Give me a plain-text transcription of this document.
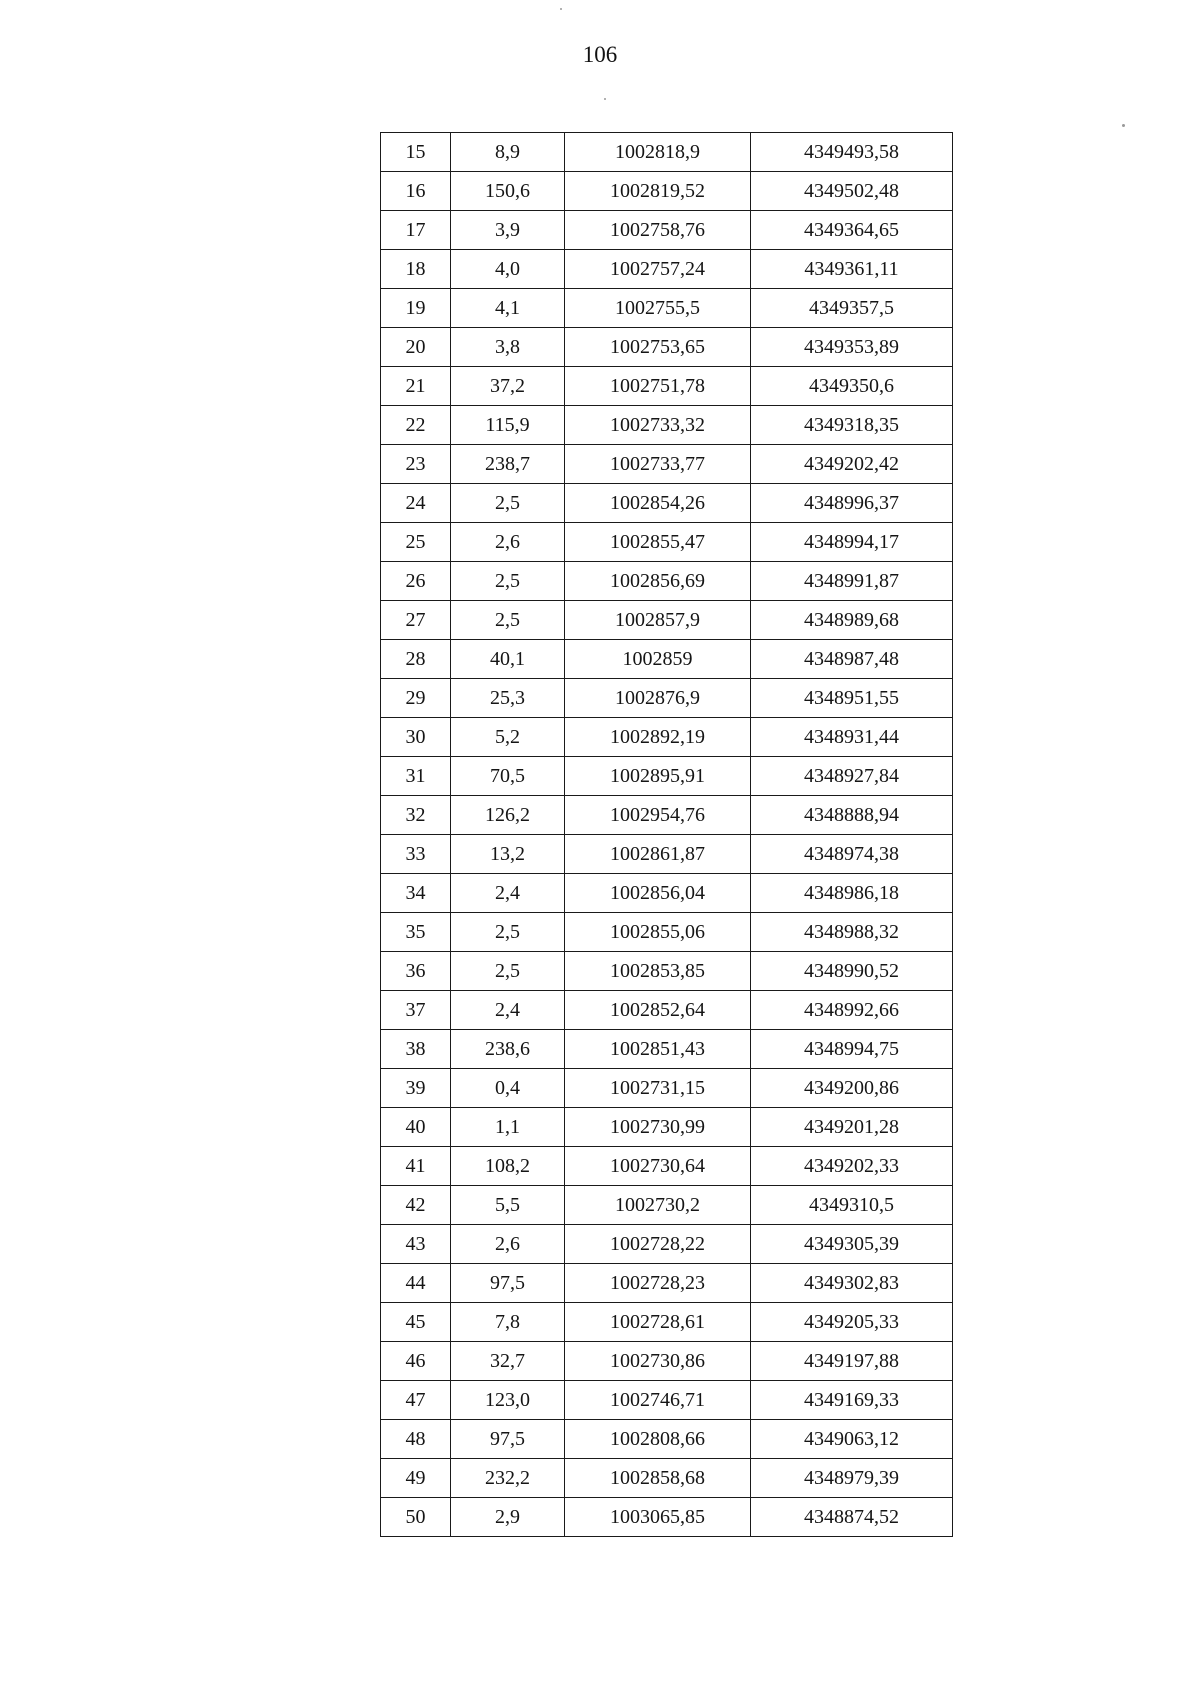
106
15	8,9	1002818,9	4349493,58
16	150,6	1002819,52	4349502,48
17	3,9	1002758,76	4349364,65
18	4,0	1002757,24	4349361,11
19	4,1	1002755,5	4349357,5
20	3,8	1002753,65	4349353,89
21	37,2	1002751,78	4349350,6
22	115,9	1002733,32	4349318,35
23	238,7	1002733,77	4349202,42
24	2,5	1002854,26	4348996,37
25	2,6	1002855,47	4348994,17
26	2,5	1002856,69	4348991,87
27	2,5	1002857,9	4348989,68
28	40,1	1002859	4348987,48
29	25,3	1002876,9	4348951,55
30	5,2	1002892,19	4348931,44
31	70,5	1002895,91	4348927,84
32	126,2	1002954,76	4348888,94
33	13,2	1002861,87	4348974,38
34	2,4	1002856,04	4348986,18
35	2,5	1002855,06	4348988,32
36	2,5	1002853,85	4348990,52
37	2,4	1002852,64	4348992,66
38	238,6	1002851,43	4348994,75
39	0,4	1002731,15	4349200,86
40	1,1	1002730,99	4349201,28
41	108,2	1002730,64	4349202,33
42	5,5	1002730,2	4349310,5
43	2,6	1002728,22	4349305,39
44	97,5	1002728,23	4349302,83
45	7,8	1002728,61	4349205,33
46	32,7	1002730,86	4349197,88
47	123,0	1002746,71	4349169,33
48	97,5	1002808,66	4349063,12
49	232,2	1002858,68	4348979,39
50	2,9	1003065,85	4348874,52
